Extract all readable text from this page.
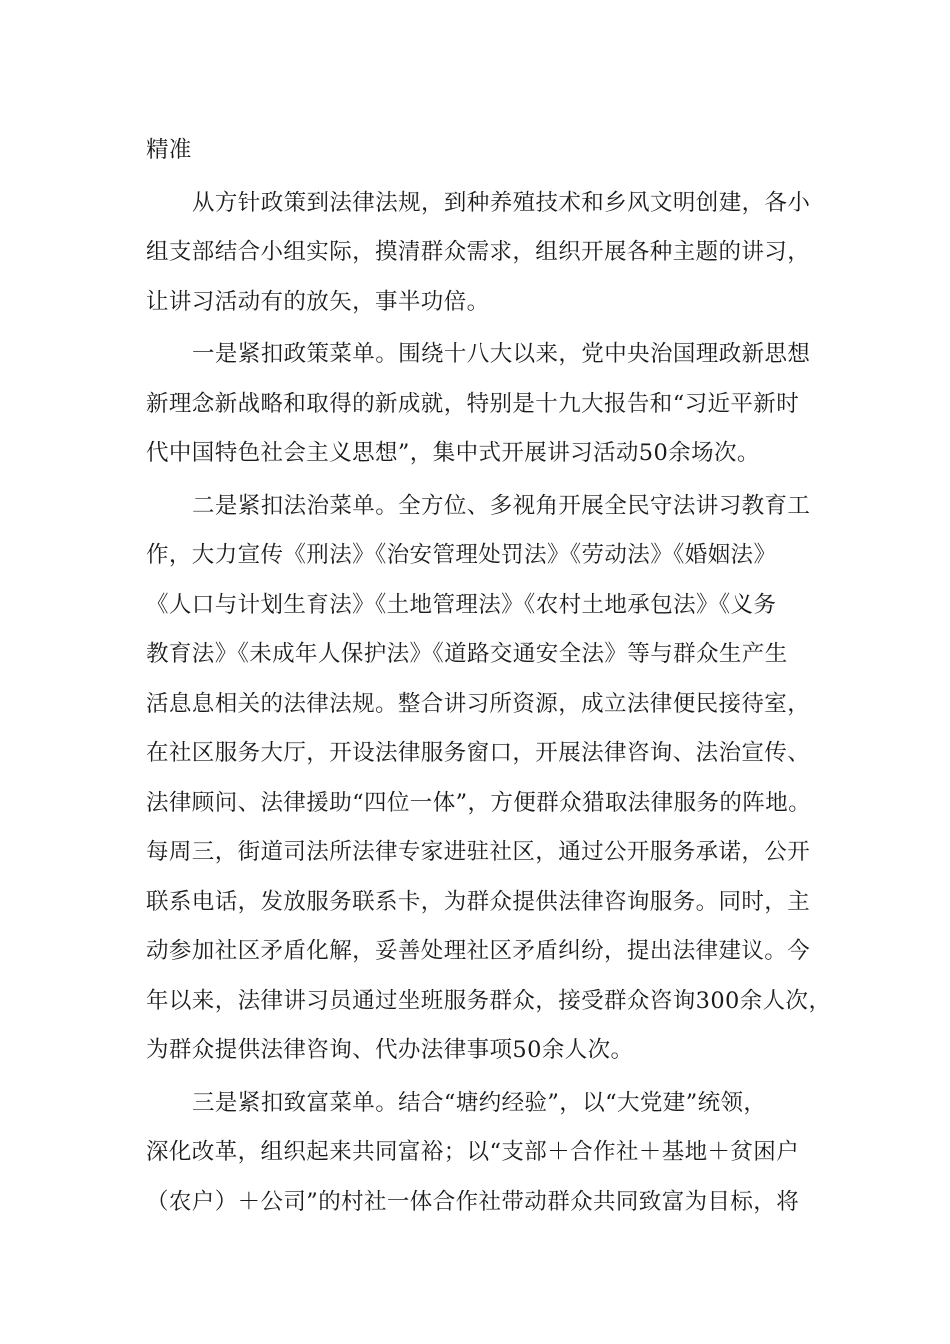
精准
从方针政策到法律法规，到种养殖技术和乡风文明创建，各小
组支部结合小组实际，摸清群众需求，组织开展各种主题的讲习，
让讲习活动有的放矢，事半功倍。
一是紧扣政策菜单。围绕十八大以来，党中央治国理政新思想
新理念新战略和取得的新成就，特别是十九大报告和“习近平新时
代中国特色社会主义思想”，集中式开展讲习活动50余场次。
二是紧扣法治菜单。全方位、多视角开展全民守法讲习教育工
作，大力宣传《刑法》《治安管理处罚法》《劳动法》《婚姻法》
《人口与计划生育法》《土地管理法》《农村土地承包法》《义务
教育法》《未成年人保护法》《道路交通安全法》等与群众生产生
活息息相关的法律法规。整合讲习所资源，成立法律便民接待室，
在社区服务大厅，开设法律服务窗口，开展法律咨询、法治宣传、
法律顾问、法律援助“四位一体”，方便群众猎取法律服务的阵地。
每周三，街道司法所法律专家进驻社区，通过公开服务承诺，公开
联系电话，发放服务联系卡，为群众提供法律咨询服务。同时，主
动参加社区矛盾化解，妥善处理社区矛盾纠纷，提出法律建议。今
年以来，法律讲习员通过坐班服务群众，接受群众咨询300余人次，
为群众提供法律咨询、代办法律事项50余人次。
三是紧扣致富菜单。结合“塘约经验”，以“大党建”统领，
深化改革，组织起来共同富裕；以“支部＋合作社＋基地＋贫困户
（农户）＋公司”的村社一体合作社带动群众共同致富为目标，将
